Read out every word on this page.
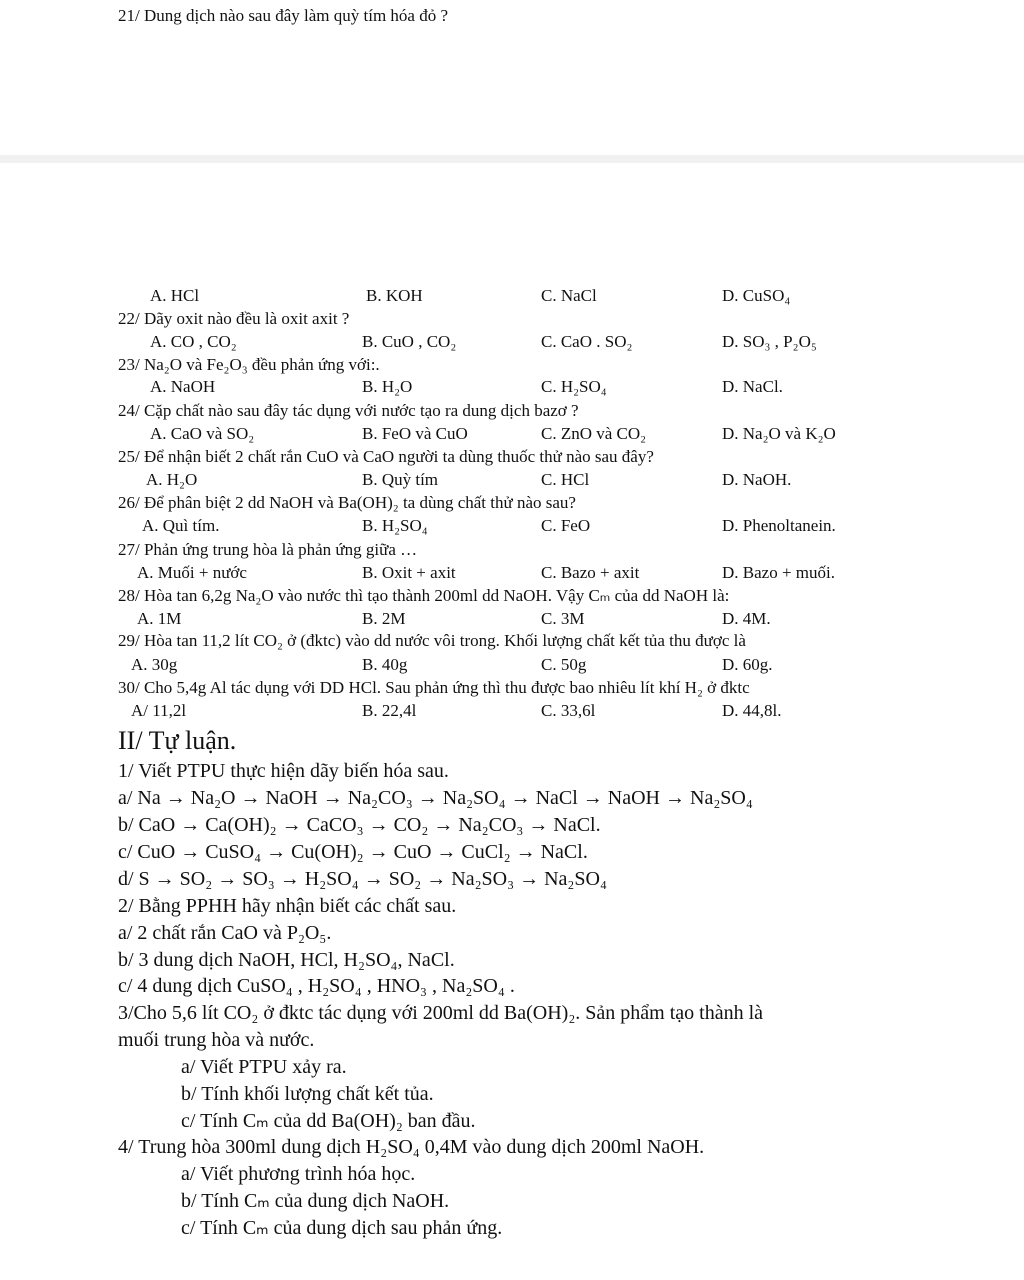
21/ Dung dịch nào sau đây làm quỳ tím hóa đỏ ?
A. HCl	B. KOH	C. NaCl	D. CuSO₄
22/ Dãy oxit nào đều là oxit axit ?
A. CO , CO₂	B. CuO , CO₂	C. CaO . SO₂	D. SO₃ , P₂O₅
23/ Na₂O và Fe₂O₃ đều phản ứng với:.
A. NaOH	B. H₂O	C. H₂SO₄	D. NaCl.
24/ Cặp chất nào sau đây tác dụng với nước tạo ra dung dịch bazơ ?
A. CaO và SO₂	B. FeO và CuO	C. ZnO và CO₂	D. Na₂O và K₂O
25/ Để nhận biết 2 chất rắn CuO và CaO người ta dùng thuốc thử nào sau đây?
A. H₂O	B. Quỳ tím	C. HCl	D. NaOH.
26/ Để phân biệt 2 dd NaOH và Ba(OH)₂ ta dùng chất thử nào sau?
A. Quì tím.	B. H₂SO₄	C. FeO	D. Phenoltanein.
27/ Phản ứng trung hòa là phản ứng giữa …
A. Muối + nước	B. Oxit + axit	C. Bazo + axit	D. Bazo + muối.
28/ Hòa tan 6,2g Na₂O vào nước thì tạo thành 200ml dd NaOH. Vậy Cₘ của dd NaOH là:
A. 1M	B. 2M	C. 3M	D. 4M.
29/ Hòa tan 11,2 lít CO₂ ở (đktc) vào dd nước vôi trong. Khối lượng chất kết tủa thu được là
A. 30g	B. 40g	C. 50g	D. 60g.
30/ Cho 5,4g Al tác dụng với DD HCl. Sau phản ứng thì thu được bao nhiêu lít khí H₂ ở đktc
A/ 11,2l	B. 22,4l	C. 33,6l	D. 44,8l.
II/ Tự luận.
1/ Viết PTPU thực hiện dãy biến hóa sau.
a/ Na → Na₂O → NaOH → Na₂CO₃ → Na₂SO₄ → NaCl → NaOH → Na₂SO₄
b/ CaO → Ca(OH)₂ → CaCO₃ → CO₂ → Na₂CO₃ → NaCl.
c/ CuO → CuSO₄ → Cu(OH)₂ → CuO → CuCl₂ → NaCl.
d/ S → SO₂ → SO₃ → H₂SO₄ → SO₂ → Na₂SO₃ → Na₂SO₄
2/ Bằng PPHH hãy nhận biết các chất sau.
a/ 2 chất rắn CaO và P₂O₅.
b/ 3 dung dịch NaOH, HCl, H₂SO₄, NaCl.
c/ 4 dung dịch CuSO₄ , H₂SO₄ , HNO₃ , Na₂SO₄ .
3/Cho 5,6 lít CO₂ ở đktc tác dụng với 200ml dd Ba(OH)₂. Sản phẩm tạo thành là
muối trung hòa và nước.
a/ Viết PTPU xảy ra.
b/ Tính khối lượng chất kết tủa.
c/ Tính Cₘ của dd Ba(OH)₂ ban đầu.
4/ Trung hòa 300ml dung dịch H₂SO₄ 0,4M vào dung dịch 200ml NaOH.
a/ Viết phương trình hóa học.
b/ Tính Cₘ của dung dịch NaOH.
c/ Tính Cₘ của dung dịch sau phản ứng.
